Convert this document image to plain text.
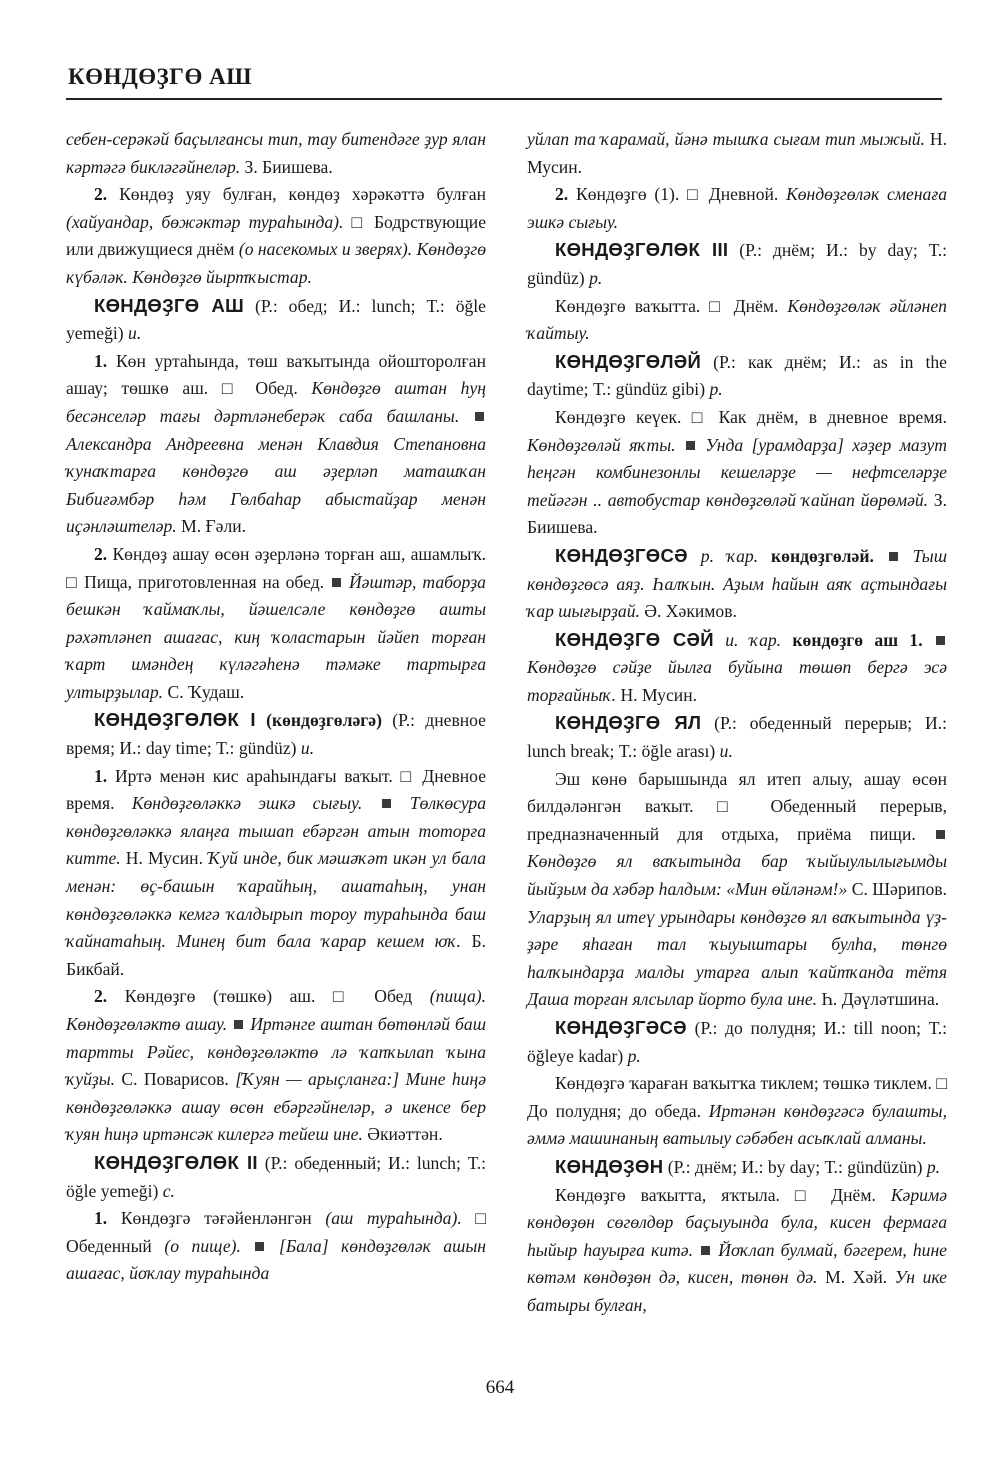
КӨНДӨҘГӨ АШ

себен-серәкәй баҫылғансы тип, тау битендәге ҙур ялан кәртәгә бикләгәйнеләр. З. Биишева.

2. Көндөҙ уяу булған, көндөҙ хәрәкәттә булған (хайуандар, бөжәктәр тураһында). □ Бодрствующие или движущиеся днём (о насекомых и зверях). Көндөҙгө күбәләк. Көндөҙгө йыртҡыстар.

КӨНДӨҘГӨ АШ (Р.: обед; И.: lunch; Т.: öğle yemeği) и.

1. Көн уртаһында, төш ваҡытында ойошторолған ашау; төшкө аш. □ Обед. Көндөҙгө аштан һуң бесәнселәр тағы дәртләнеберәк саба башланы.  Александра Андреевна менән Клавдия Степановна ҡунаҡтарға көндөҙгө аш әҙерләп маташҡан Бибиғәмбәр һәм Гөлбаһар абыстайҙар менән иҫәнләштеләр. М. Ғәли.

2. Көндөҙ ашау өсөн әҙерләнә торған аш, ашамлыҡ. □ Пища, приготовленная на обед.  Йәштәр, таборҙа бешкән ҡаймаҡлы, йәшелсәле көндөҙгө ашты рәхәтләнеп ашағас, киң ҡоластарын йәйеп торған ҡарт имәндең күләгәһенә тәмәке тартырға ултырҙылар. С. Ҡудаш.

КӨНДӨҘГӨЛӨК I (көндөҙгөләгә) (Р.: дневное время; И.: day time; Т.: gündüz) и.

1. Иртә менән кис араһындағы ваҡыт. □ Дневное время. Көндөҙгөләккә эшкә сығыу.	Төлкөсура көндөҙгөләккә ялаңға тышап ебәргән атын тоторға китте. Н. Мусин. Ҡуй инде, бик мәшәҡәт икән ул бала менән: өҫ-башын ҡарайһың, ашатаһың, унан көндөҙгөләккә кемгә ҡалдырып тороу тураһында баш ҡайнатаһың. Минең бит бала ҡарар кешем юҡ. Б. Бикбай.

2. Көндөҙгө (төшкө) аш. □ Обед (пища). Көндөҙгөләктө ашау. Иртәнге аштан бөтөнләй баш тартты Рәйес, көндөҙгөләктө лә ҡапҡылап ҡына ҡуйҙы. С. Поварисов. [Ҡуян — арыҫланға:] Мине һиңә көндөҙгөләккә ашау өсөн ебәргәйнеләр, ә икенсе бер ҡуян һиңә иртәнсәк килергә тейеш ине. Әкиәттән.

КӨНДӨҘГӨЛӨК II (Р.: обеденный; И.: lunch; Т.: öğle yemeği) с.

1. Көндөҙгә тәғәйенләнгән (аш тураһында). □ Обеденный (о пище). [Бала] көндөҙгөләк ашын ашағас, йоҡлау тураһында

уйлап та ҡарамай, йәнә тышҡа сығам тип мыжый. Н. Мусин.

2. Көндөҙгө (1). □ Дневной. Көндөҙгөләк сменаға эшкә сығыу.

КӨНДӨҘГӨЛӨК III (Р.: днём; И.: by day; Т.: gündüz) р.

Көндөҙгө ваҡытта. □ Днём. Көндөҙгөләк әйләнеп ҡайтыу.

КӨНДӨҘГӨЛӘЙ (Р.: как днём; И.: as in the daytime; Т.: gündüz gibi) р.

Көндөҙгө кеүек. □ Как днём, в дневное время. Көндөҙгөләй яҡты. Унда [урамдарҙа] хәҙер мазут һеңгән комбинезонлы кешеләрҙе — нефтселәрҙе тейәгән .. автобустар көндөҙгөләй ҡайнап йөрөмәй. З. Биишева.

КӨНДӨҘГӨСӘ р. ҡар. көндөҙгөләй. Тыш көндөҙгөсә аяҙ. Һалҡын. Аҙым һайын аяҡ аҫтындағы ҡар шығырҙай. Ә. Хәкимов.

КӨНДӨҘГӨ СӘЙ и. ҡар. көндөҙгө аш 1.  Көндөҙгө сәйҙе йылға буйына төшөп бергә эсә торғайныҡ. Н. Мусин.

КӨНДӨҘГӨ ЯЛ (Р.: обеденный перерыв; И.: lunch break; Т.: öğle arası) и.

Эш көнө барышында ял итеп алыу, ашау өсөн билдәләнгән ваҡыт. □ Обеденный перерыв, предназначенный для отдыха, приёма пищи.  Көндөҙгө ял ваҡытында бар ҡыйыулылығымды йыйҙым да хәбәр һалдым: «Мин өйләнәм!» С. Шәрипов. Уларҙың ял итеү урындары көндөҙгө ял ваҡытында үҙҙәре яһаған тал ҡыуыштары булһа, төнгө һалҡындарҙа малды утарға алып ҡайтҡанда тётя Даша торған ялсылар йорто була ине. Һ. Дәүләтшина.

КӨНДӨҘГӘСӘ (Р.: до полудня; И.: till noon; Т.: öğleye kadar) р.

Көндөҙгә ҡараған ваҡытҡа тиклем; төшкә тиклем. □ До полудня; до обеда. Иртәнән көндөҙгәсә булашты, әммә машинаның ватылыу сәбәбен асыҡлай алманы.

КӨНДӨҘӨН (Р.: днём; И.: by day; Т.: gündüzün) р.

Көндөҙгө ваҡытта, яҡтыла. □ Днём. Кәримә көндөҙөн сөгөлдөр баҫыуында була, кисен фермаға һыйыр һауырға китә. Йоҡлап булмай, бәгерем, һине көтәм көндөҙөн дә, кисен, төнөн дә. М. Хәй. Ун ике батыры булған,

664
